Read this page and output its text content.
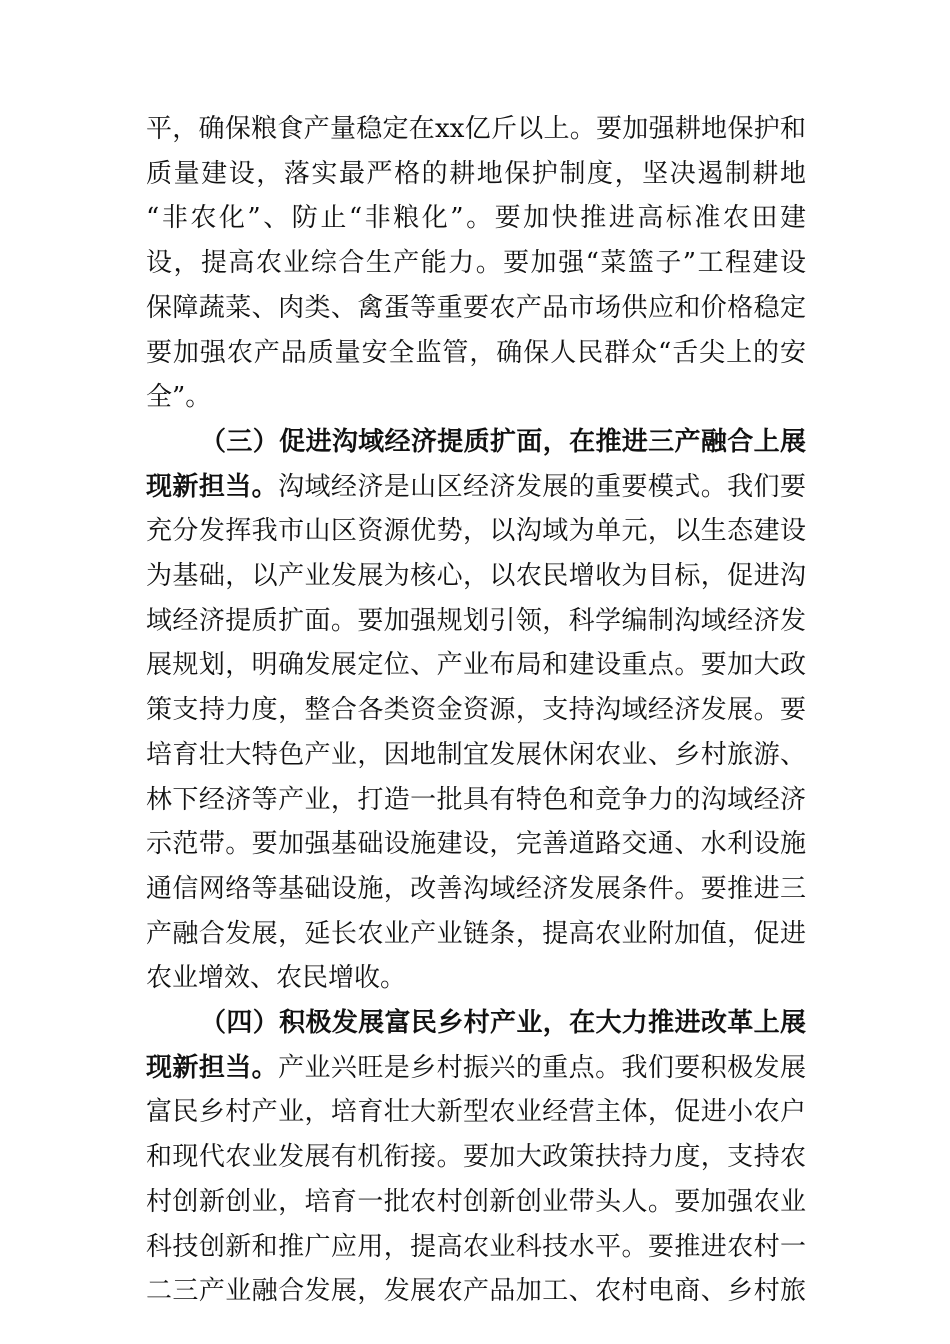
平，确保粮食产量稳定在xx亿斤以上。要加强耕地保护和
质量建设，落实最严格的耕地保护制度，坚决遏制耕地
“非农化”、防止“非粮化”。要加快推进高标准农田建
设，提高农业综合生产能力。要加强“菜篮子”工程建设
保障蔬菜、肉类、禽蛋等重要农产品市场供应和价格稳定
要加强农产品质量安全监管，确保人民群众“舌尖上的安
全”。
（三）促进沟域经济提质扩面，在推进三产融合上展
现新担当。沟域经济是山区经济发展的重要模式。我们要
充分发挥我市山区资源优势，以沟域为单元，以生态建设
为基础，以产业发展为核心，以农民增收为目标，促进沟
域经济提质扩面。要加强规划引领，科学编制沟域经济发
展规划，明确发展定位、产业布局和建设重点。要加大政
策支持力度，整合各类资金资源，支持沟域经济发展。要
培育壮大特色产业，因地制宜发展休闲农业、乡村旅游、
林下经济等产业，打造一批具有特色和竞争力的沟域经济
示范带。要加强基础设施建设，完善道路交通、水利设施
通信网络等基础设施，改善沟域经济发展条件。要推进三
产融合发展，延长农业产业链条，提高农业附加值，促进
农业增效、农民增收。
（四）积极发展富民乡村产业，在大力推进改革上展
现新担当。产业兴旺是乡村振兴的重点。我们要积极发展
富民乡村产业，培育壮大新型农业经营主体，促进小农户
和现代农业发展有机衔接。要加大政策扶持力度，支持农
村创新创业，培育一批农村创新创业带头人。要加强农业
科技创新和推广应用，提高农业科技水平。要推进农村一
二三产业融合发展，发展农产品加工、农村电商、乡村旅
